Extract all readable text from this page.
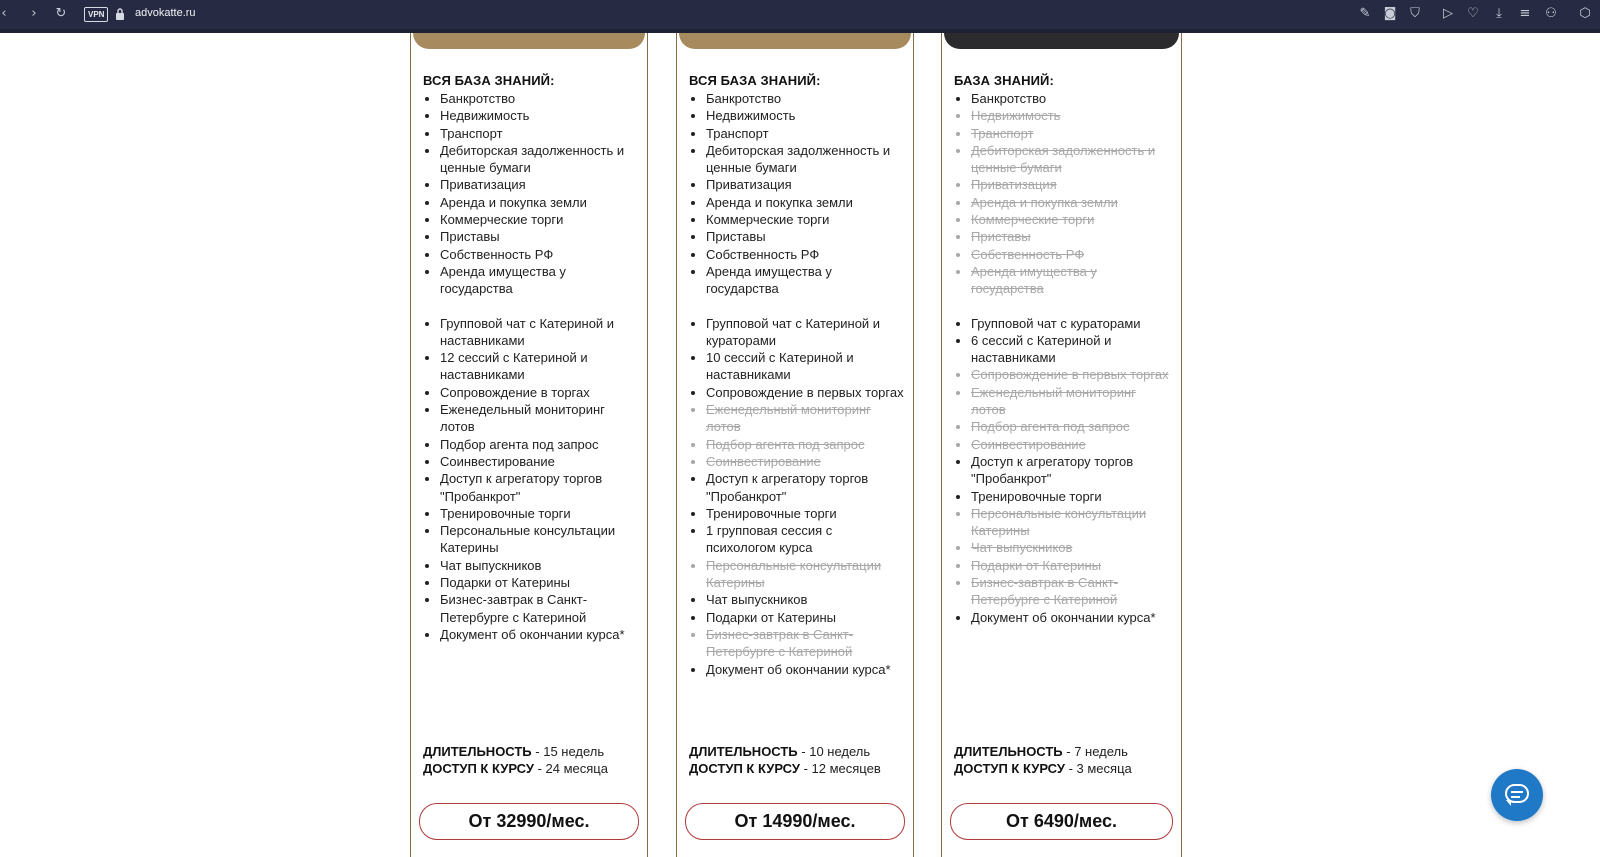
‹	›	↻	VPN	advokatte.ru	✎ ◙ ⛉ ▷ ♡	⤓	≡ ⚇ ⬡
ВСЯ БАЗА ЗНАНИЙ:
• Банкротство
• Недвижимость
• Транспорт
• Дебиторская задолженность и ценные бумаги
• Приватизация
• Аренда и покупка земли
• Коммерческие торги
• Приставы
• Собственность РФ
• Аренда имущества у государства
• Групповой чат с Катериной и наставниками
• 12 сессий с Катериной и наставниками
• Сопровождение в торгах
• Еженедельный мониторинг лотов
• Подбор агента под запрос
• Соинвестирование
• Доступ к агрегатору торгов "Пробанкрот"
• Тренировочные торги
• Персональные консультации Катерины
• Чат выпускников
• Подарки от Катерины
• Бизнес-завтрак в Санкт-Петербурге с Катериной
• Документ об окончании курса*
ДЛИТЕЛЬНОСТЬ - 15 недель
ДОСТУП К КУРСУ - 24 месяца
От 32990/мес.
ВСЯ БАЗА ЗНАНИЙ:
• Банкротство
• Недвижимость
• Транспорт
• Дебиторская задолженность и ценные бумаги
• Приватизация
• Аренда и покупка земли
• Коммерческие торги
• Приставы
• Собственность РФ
• Аренда имущества у государства
• Групповой чат с Катериной и кураторами
• 10 сессий с Катериной и наставниками
• Сопровождение в первых торгах
• Еженедельный мониторинг лотов
• Подбор агента под запрос
• Соинвестирование
• Доступ к агрегатору торгов "Пробанкрот"
• Тренировочные торги
• 1 групповая сессия с психологом курса
• Персональные консультации Катерины
• Чат выпускников
• Подарки от Катерины
• Бизнес-завтрак в Санкт-Петербурге с Катериной
• Документ об окончании курса*
ДЛИТЕЛЬНОСТЬ - 10 недель
ДОСТУП К КУРСУ - 12 месяцев
От 14990/мес.
БАЗА ЗНАНИЙ:
• Банкротство
• Недвижимость
• Транспорт
• Дебиторская задолженность и ценные бумаги
• Приватизация
• Аренда и покупка земли
• Коммерческие торги
• Приставы
• Собственность РФ
• Аренда имущества у государства
• Групповой чат с кураторами
• 6 сессий с Катериной и наставниками
• Сопровождение в первых торгах
• Еженедельный мониторинг лотов
• Подбор агента под запрос
• Соинвестирование
• Доступ к агрегатору торгов "Пробанкрот"
• Тренировочные торги
• Персональные консультации Катерины
• Чат выпускников
• Подарки от Катерины
• Бизнес-завтрак в Санкт-Петербурге с Катериной
• Документ об окончании курса*
ДЛИТЕЛЬНОСТЬ - 7 недель
ДОСТУП К КУРСУ - 3 месяца
От 6490/мес.
